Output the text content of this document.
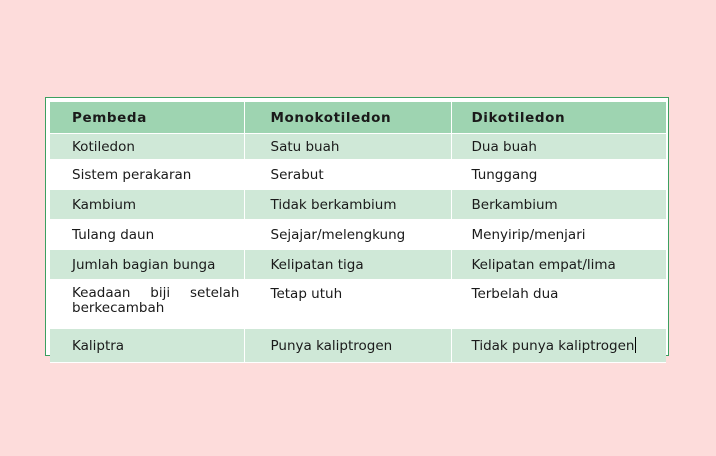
Pembeda	Monokotiledon	Dikotiledon

Kotiledon	Satu buah	Dua buah

Sistem perakaran	Serabut	Tunggang

Kambium	Tidak berkambium	Berkambium

Tulang daun	Sejajar/melengkung	Menyirip/menjari

Jumlah bagian bunga	Kelipatan tiga	Kelipatan empat/lima

Keadaan biji setelah berkecambah	Tetap utuh	Terbelah dua

Kaliptra	Punya kaliptrogen	Tidak punya kaliptrogen
